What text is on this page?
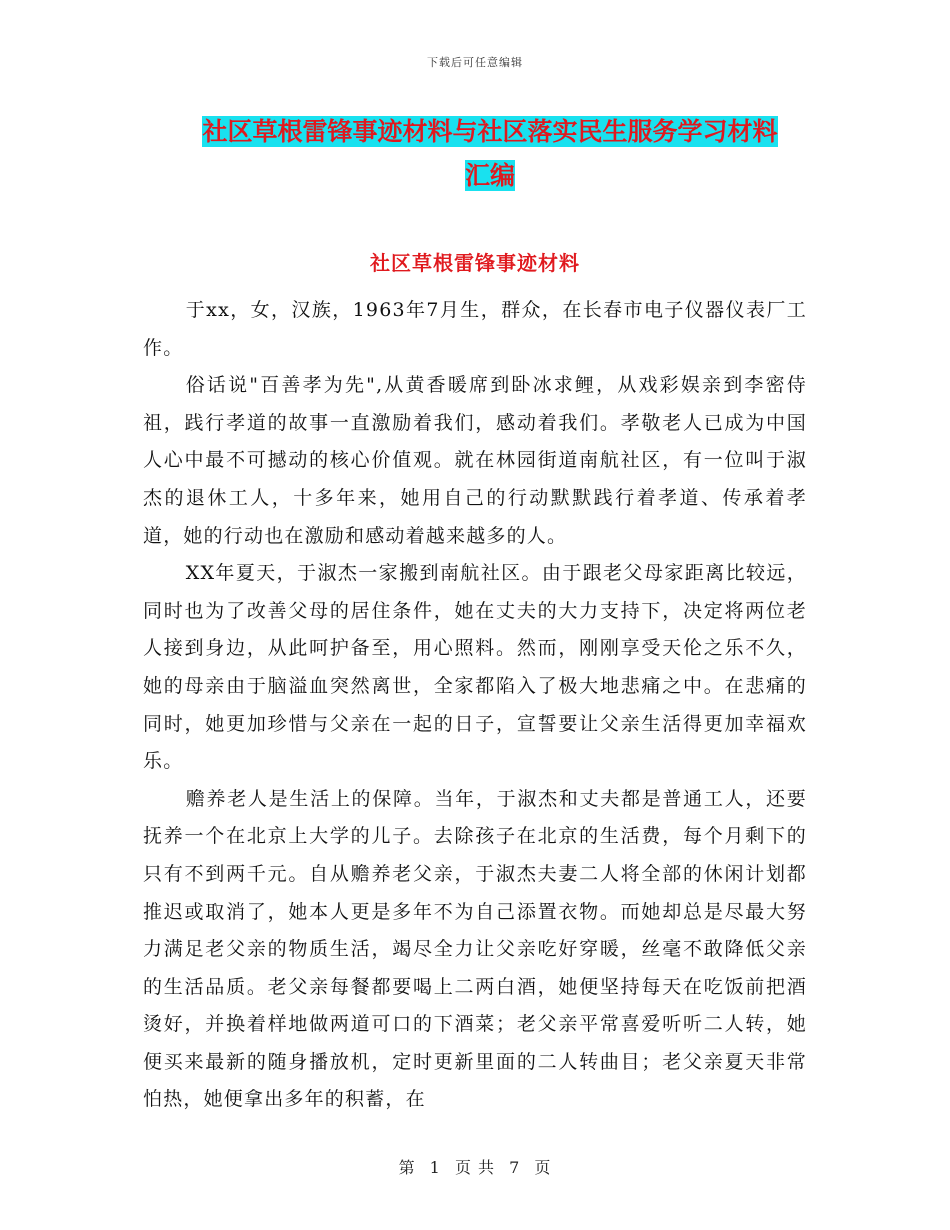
下载后可任意编辑
社区草根雷锋事迹材料与社区落实民生服务学习材料
汇编
社区草根雷锋事迹材料

于xx，女，汉族，1963年7月生，群众，在长春市电子仪器仪表厂工作。

俗话说"百善孝为先",从黄香暖席到卧冰求鲤，从戏彩娱亲到李密侍祖，践行孝道的故事一直激励着我们，感动着我们。孝敬老人已成为中国人心中最不可撼动的核心价值观。就在林园街道南航社区，有一位叫于淑杰的退休工人，十多年来，她用自己的行动默默践行着孝道、传承着孝道，她的行动也在激励和感动着越来越多的人。

XX年夏天，于淑杰一家搬到南航社区。由于跟老父母家距离比较远，同时也为了改善父母的居住条件，她在丈夫的大力支持下，决定将两位老人接到身边，从此呵护备至，用心照料。然而，刚刚享受天伦之乐不久，她的母亲由于脑溢血突然离世，全家都陷入了极大地悲痛之中。在悲痛的同时，她更加珍惜与父亲在一起的日子，宣誓要让父亲生活得更加幸福欢乐。

赡养老人是生活上的保障。当年，于淑杰和丈夫都是普通工人，还要抚养一个在北京上大学的儿子。去除孩子在北京的生活费，每个月剩下的只有不到两千元。自从赡养老父亲，于淑杰夫妻二人将全部的休闲计划都推迟或取消了，她本人更是多年不为自己添置衣物。而她却总是尽最大努力满足老父亲的物质生活，竭尽全力让父亲吃好穿暖，丝毫不敢降低父亲的生活品质。老父亲每餐都要喝上二两白酒，她便坚持每天在吃饭前把酒烫好，并换着样地做两道可口的下酒菜；老父亲平常喜爱听听二人转，她便买来最新的随身播放机，定时更新里面的二人转曲目；老父亲夏天非常怕热，她便拿出多年的积蓄，在

第 1 页 共 7 页
